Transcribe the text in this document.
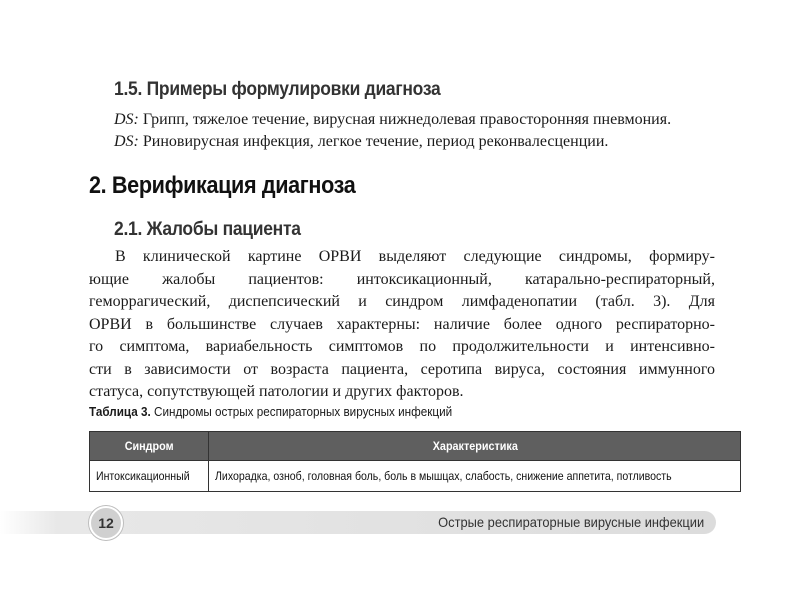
1.5. Примеры формулировки диагноза
DS: Грипп, тяжелое течение, вирусная нижнедолевая правосторонняя пневмония.
DS: Риновирусная инфекция, легкое течение, период реконвалесценции.
2. Верификация диагноза
2.1. Жалобы пациента
В клинической картине ОРВИ выделяют следующие синдромы, формиру-
ющие жалобы пациентов: интоксикационный, катарально-респираторный,
геморрагический, диспепсический и синдром лимфаденопатии (табл. 3). Для
ОРВИ в большинстве случаев характерны: наличие более одного респираторно-
го симптома, вариабельность симптомов по продолжительности и интенсивно-
сти в зависимости от возраста пациента, серотипа вируса, состояния иммунного
статуса, сопутствующей патологии и других факторов.
Таблица 3. Синдромы острых респираторных вирусных инфекций
Синдром	Характеристика
Интоксикационный	Лихорадка, озноб, головная боль, боль в мышцах, слабость, снижение аппетита, потливость
12	Острые респираторные вирусные инфекции
